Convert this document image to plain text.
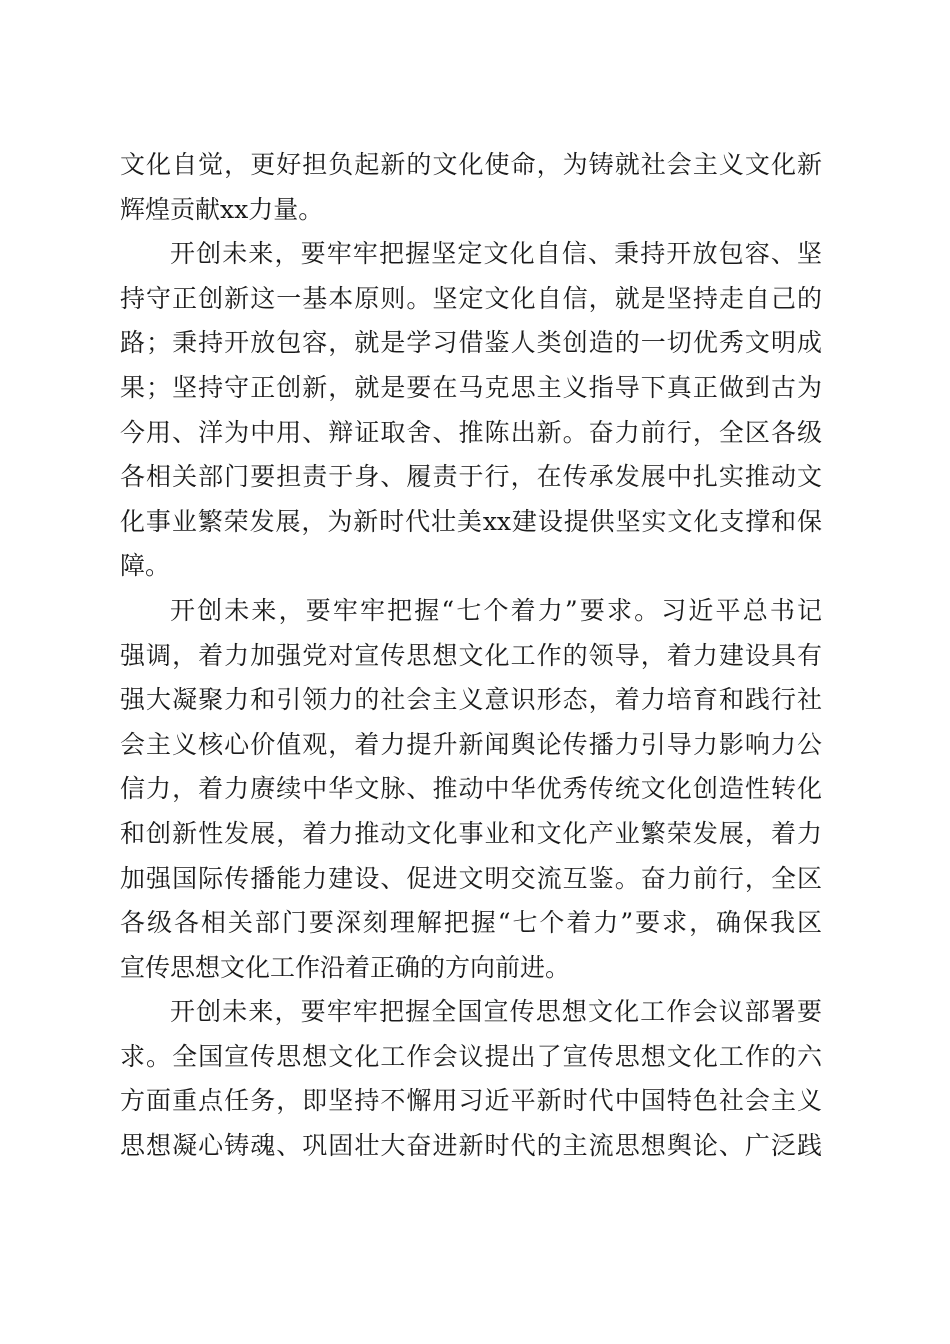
文化自觉，更好担负起新的文化使命，为铸就社会主义文化新
辉煌贡献xx力量。
开创未来，要牢牢把握坚定文化自信、秉持开放包容、坚
持守正创新这一基本原则。坚定文化自信，就是坚持走自己的
路；秉持开放包容，就是学习借鉴人类创造的一切优秀文明成
果；坚持守正创新，就是要在马克思主义指导下真正做到古为
今用、洋为中用、辩证取舍、推陈出新。奋力前行，全区各级
各相关部门要担责于身、履责于行，在传承发展中扎实推动文
化事业繁荣发展，为新时代壮美xx建设提供坚实文化支撑和保
障。
开创未来，要牢牢把握“七个着力”要求。习近平总书记
强调，着力加强党对宣传思想文化工作的领导，着力建设具有
强大凝聚力和引领力的社会主义意识形态，着力培育和践行社
会主义核心价值观，着力提升新闻舆论传播力引导力影响力公
信力，着力赓续中华文脉、推动中华优秀传统文化创造性转化
和创新性发展，着力推动文化事业和文化产业繁荣发展，着力
加强国际传播能力建设、促进文明交流互鉴。奋力前行，全区
各级各相关部门要深刻理解把握“七个着力”要求，确保我区
宣传思想文化工作沿着正确的方向前进。
开创未来，要牢牢把握全国宣传思想文化工作会议部署要
求。全国宣传思想文化工作会议提出了宣传思想文化工作的六
方面重点任务，即坚持不懈用习近平新时代中国特色社会主义
思想凝心铸魂、巩固壮大奋进新时代的主流思想舆论、广泛践
